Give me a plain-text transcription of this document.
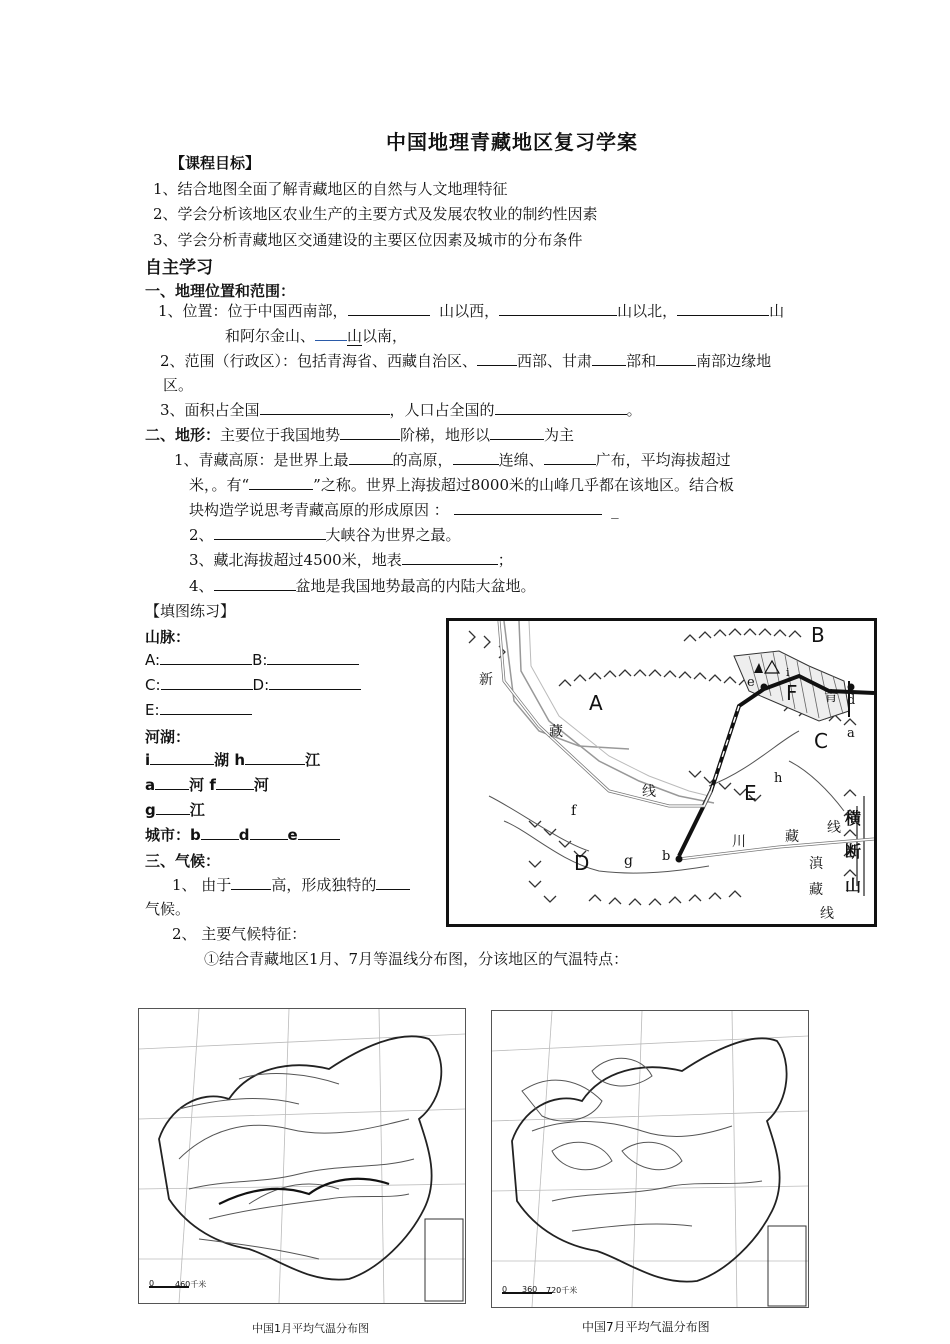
中国地理青藏地区复习学案
【课程目标】
1、结合地图全面了解青藏地区的自然与人文地理特征
2、学会分析该地区农业生产的主要方式及发展农牧业的制约性因素
3、学会分析青藏地区交通建设的主要区位因素及城市的分布条件
自主学习
一、地理位置和范围：
1、位置：位于中国西南部，	山以西，	山以北，	山
和阿尔金山、 山以南，
2、范围（行政区）：包括青海省、西藏自治区、	西部、甘肃 部和	南部边缘地
区。
3、面积占全国	，人口占全国的	。
二、地形：主要位于我国地势	阶梯，地形以	为主
1、青藏高原：是世界上最	的高原，	连绵、	广布，平均海拔超过
米，。有“	”之称。世界上海拔超过8000米的山峰几乎都在该地区。结合板
块构造学说思考青藏高原的形成原因 ：	_
2、	大峡谷为世界之最。
3、藏北海拔超过4500米，地表	；
4、	盆地是我国地势最高的内陆大盆地。
【填图练习】
山脉：
A:	B:
C:	D:
E:
河湖：
i	湖 h	江
a 河 f	河
g 江
城市：b	d	e
三、气候：
1、 由于	高，形成独特的
气候。
2、 主要气候特征：
①结合青藏地区1月、7月等温线分布图，分该地区的气温特点：
B
A	F
C
E
D
e
青 d
i
a
h
f
g b
新
藏
线
川	藏
线
滇
藏
线
横
断
山
0	460千米
中国1月平均气温分布图
0 360 720千米
中国7月平均气温分布图
